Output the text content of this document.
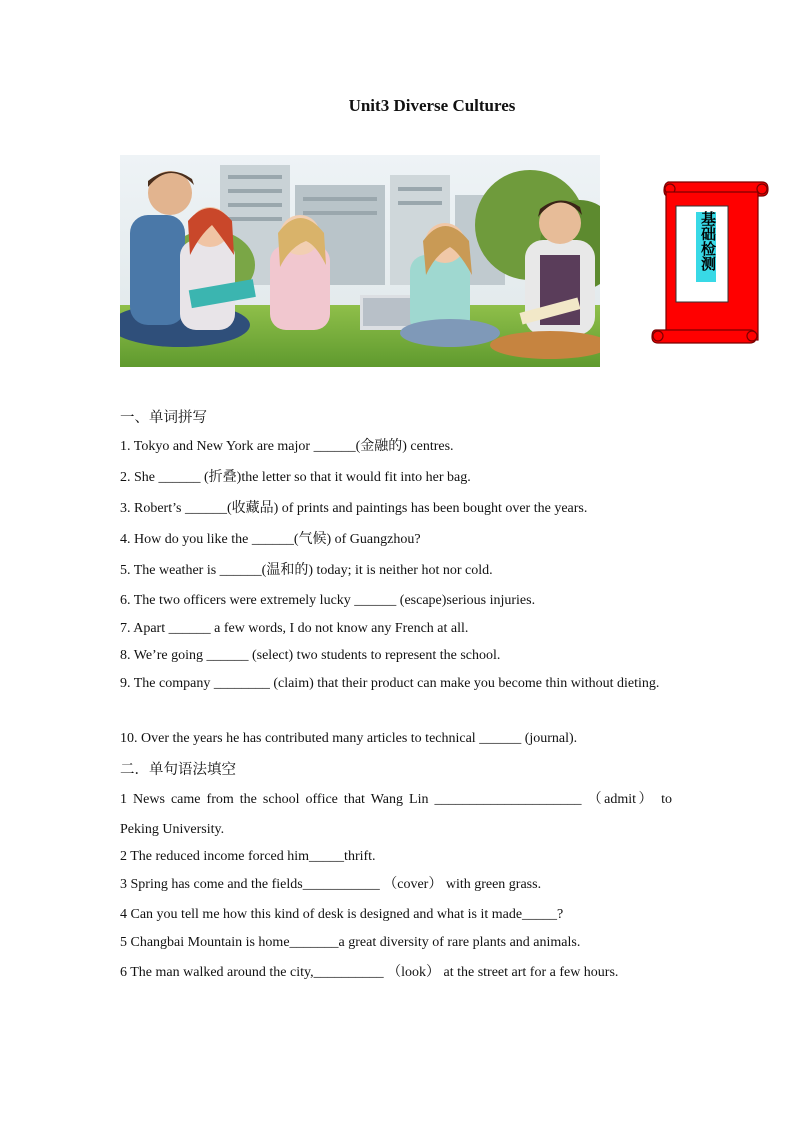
Unit3 Diverse Cultures
基础检测
一、单词拼写
1. Tokyo and New York are major ______(金融的) centres.
2. She ______ (折叠)the letter so that it would fit into her bag.
3. Robert’s ______(收藏品) of prints and paintings has been bought over the years.
4. How do you like the ______(气候) of Guangzhou?
5. The weather is ______(温和的) today; it is neither hot nor cold.
6. The two officers were extremely lucky ______ (escape)serious injuries.
7. Apart ______ a few words, I do not know any French at all.
8. We’re going ______ (select) two students to represent the school.
9. The company ________ (claim) that their product can make you become thin without dieting.
10. Over the years he has contributed many articles to technical ______ (journal).
二．单句语法填空
1 News came from the school office that Wang Lin _____________________ （admit） to Peking University.
2 The reduced income forced him_____thrift.
3 Spring has come and the fields___________ （cover） with green grass.
4 Can you tell me how this kind of desk is designed and what is it made_____?
5 Changbai Mountain is home_______a great diversity of rare plants and animals.
6 The man walked around the city,__________ （look） at the street art for a few hours.
